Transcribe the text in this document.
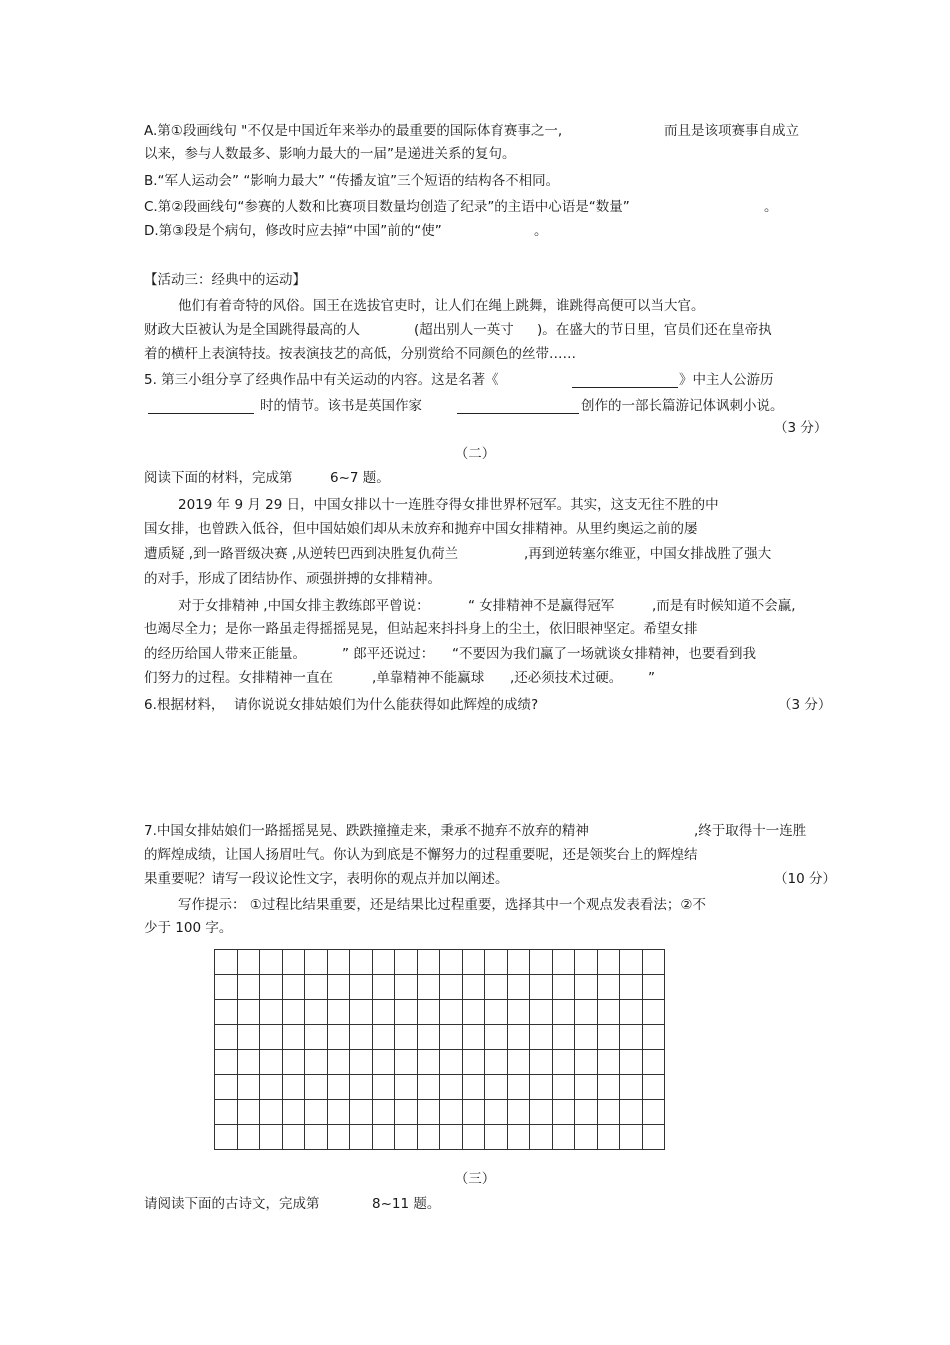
A.第①段画线句 "不仅是中国近年来举办的最重要的国际体育赛事之一,	而且是该项赛事自成立
以来，参与人数最多、影响力最大的一届”是递进关系的复句。
B.“军人运动会” “影响力最大” “传播友谊”三个短语的结构各不相同。
C.第②段画线句“参赛的人数和比赛项目数量均创造了纪录”的主语中心语是“数量”	。
D.第③段是个病句，修改时应去掉“中国”前的“使”	。
【活动三：经典中的运动】
他们有着奇特的风俗。国王在选拔官吏时，让人们在绳上跳舞，谁跳得高便可以当大官。
财政大臣被认为是全国跳得最高的人	(超出别人一英寸 )。在盛大的节日里，官员们还在皇帝执
着的横杆上表演特技。按表演技艺的高低，分别赏给不同颜色的丝带……
5. 第三小组分享了经典作品中有关运动的内容。这是名著《	》中主人公游历
时的情节。该书是英国作家	创作的一部长篇游记体讽刺小说。
（3 分）
（二）
阅读下面的材料，完成第	6~7 题。
2019 年 9 月 29 日，中国女排以十一连胜夺得女排世界杯冠军。其实，这支无往不胜的中
国女排，也曾跌入低谷，但中国姑娘们却从未放弃和抛弃中国女排精神。从里约奥运之前的屡
遭质疑 ,到一路晋级决赛 ,从逆转巴西到决胜复仇荷兰	,再到逆转塞尔维亚，中国女排战胜了强大
的对手，形成了团结协作、顽强拼搏的女排精神。
对于女排精神 ,中国女排主教练郎平曾说：	“ 女排精神不是赢得冠军	,而是有时候知道不会赢,
也竭尽全力；是你一路虽走得摇摇晃晃，但站起来抖抖身上的尘土，依旧眼神坚定。希望女排
的经历给国人带来正能量。	” 郎平还说过： “不要因为我们赢了一场就谈女排精神，也要看到我
们努力的过程。女排精神一直在	,单靠精神不能赢球 ,还必须技术过硬。 ”
6.根据材料， 请你说说女排姑娘们为什么能获得如此辉煌的成绩?	（3 分）
7.中国女排姑娘们一路摇摇晃晃、跌跌撞撞走来，秉承不抛弃不放弃的精神	,终于取得十一连胜
的辉煌成绩，让国人扬眉吐气。你认为到底是不懈努力的过程重要呢，还是领奖台上的辉煌结
果重要呢？请写一段议论性文字，表明你的观点并加以阐述。	（10 分）
写作提示： ①过程比结果重要，还是结果比过程重要，选择其中一个观点发表看法；②不
少于 100 字。
（三）
请阅读下面的古诗文，完成第	8~11 题。
